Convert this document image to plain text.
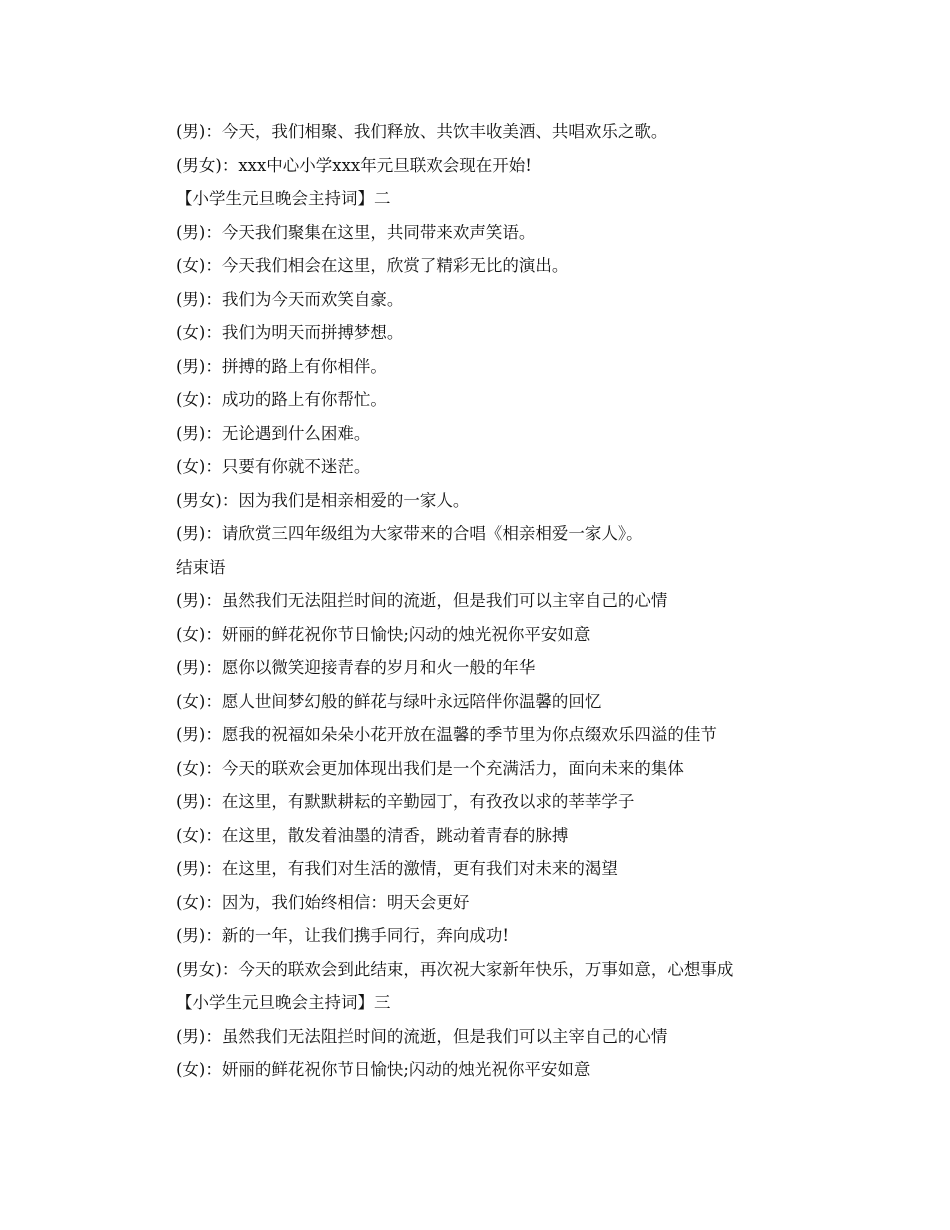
(男)：今天，我们相聚、我们释放、共饮丰收美酒、共唱欢乐之歌。
(男女)：xxx中心小学xxx年元旦联欢会现在开始!
【小学生元旦晚会主持词】二
(男)：今天我们聚集在这里，共同带来欢声笑语。
(女)：今天我们相会在这里，欣赏了精彩无比的演出。
(男)：我们为今天而欢笑自豪。
(女)：我们为明天而拼搏梦想。
(男)：拼搏的路上有你相伴。
(女)：成功的路上有你帮忙。
(男)：无论遇到什么困难。
(女)：只要有你就不迷茫。
(男女)：因为我们是相亲相爱的一家人。
(男)：请欣赏三四年级组为大家带来的合唱《相亲相爱一家人》。
结束语
(男)：虽然我们无法阻拦时间的流逝，但是我们可以主宰自己的心情
(女)：妍丽的鲜花祝你节日愉快;闪动的烛光祝你平安如意
(男)：愿你以微笑迎接青春的岁月和火一般的年华
(女)：愿人世间梦幻般的鲜花与绿叶永远陪伴你温馨的回忆
(男)：愿我的祝福如朵朵小花开放在温馨的季节里为你点缀欢乐四溢的佳节
(女)：今天的联欢会更加体现出我们是一个充满活力，面向未来的集体
(男)：在这里，有默默耕耘的辛勤园丁，有孜孜以求的莘莘学子
(女)：在这里，散发着油墨的清香，跳动着青春的脉搏
(男)：在这里，有我们对生活的激情，更有我们对未来的渴望
(女)：因为，我们始终相信：明天会更好
(男)：新的一年，让我们携手同行，奔向成功!
(男女)：今天的联欢会到此结束，再次祝大家新年快乐，万事如意，心想事成
【小学生元旦晚会主持词】三
(男)：虽然我们无法阻拦时间的流逝，但是我们可以主宰自己的心情
(女)：妍丽的鲜花祝你节日愉快;闪动的烛光祝你平安如意
